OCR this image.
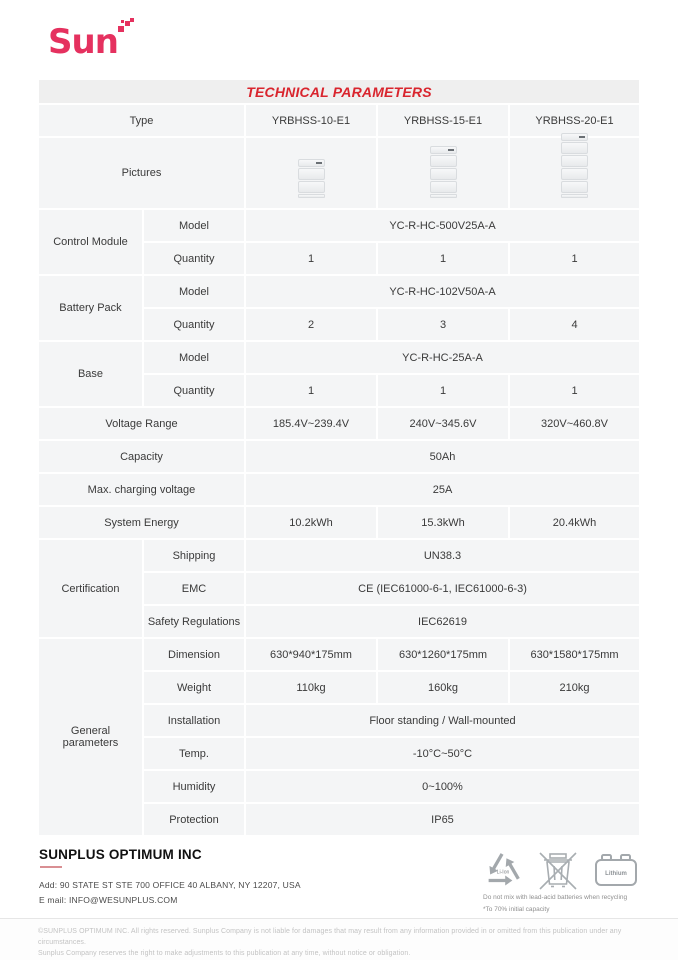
Sun
TECHNICAL PARAMETERS
Type		YRBHSS-10-E1	YRBHSS-15-E1	YRBHSS-20-E1
Pictures		

Control Module	Model	YC-R-HC-500V25A-A		
	Quantity	1	1	1
Battery Pack	Model	YC-R-HC-102V50A-A		
	Quantity	2	3	4
Base	Model	YC-R-HC-25A-A		
	Quantity	1	1	1
Voltage Range		185.4V~239.4V	240V~345.6V	320V~460.8V
Capacity		50Ah		
Max. charging voltage		25A		
System Energy		10.2kWh	15.3kWh	20.4kWh
Certification	Shipping	UN38.3		
	EMC	CE (IEC61000-6-1, IEC61000-6-3)		
	Safety Regulations	IEC62619		
General parameters	Dimension	630*940*175mm	630*1260*175mm	630*1580*175mm
	Weight	110kg	160kg	210kg
	Installation	Floor standing / Wall-mounted		
	Temp.	-10°C~50°C		
	Humidity	0~100%		
	Protection	IP65		
SUNPLUS OPTIMUM INC
Add: 90 STATE ST STE 700 OFFICE 40 ALBANY, NY 12207, USA
E mail: INFO@WESUNPLUS.COM
Li-Ion	Lithium
Do not mix with lead-acid batteries when recycling
*To 70% initial capacity

©SUNPLUS OPTIMUM INC. All rights reserved. Sunplus Company is not liable for damages that may result from any information provided in or omitted from this publication under any circumstances.

Sunplus Company reserves the right to make adjustments to this publication at any time, without notice or obligation.
